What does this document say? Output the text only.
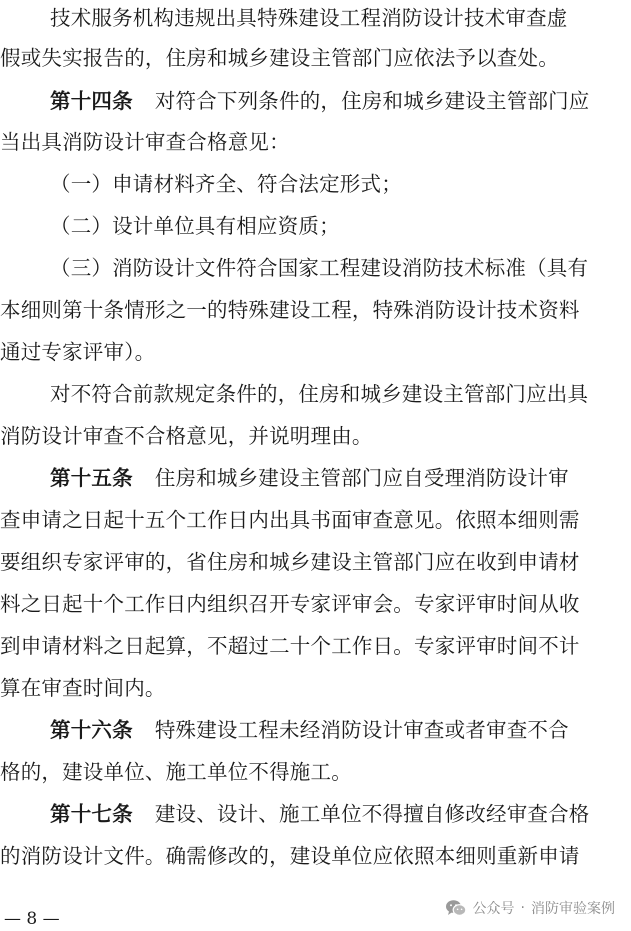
技术服务机构违规出具特殊建设工程消防设计技术审查虚
假或失实报告的，住房和城乡建设主管部门应依法予以查处。
第十四条 对符合下列条件的，住房和城乡建设主管部门应
当出具消防设计审查合格意见：
（一）申请材料齐全、符合法定形式；
（二）设计单位具有相应资质；
（三）消防设计文件符合国家工程建设消防技术标准（具有
本细则第十条情形之一的特殊建设工程，特殊消防设计技术资料
通过专家评审）。
对不符合前款规定条件的，住房和城乡建设主管部门应出具
消防设计审查不合格意见，并说明理由。
第十五条 住房和城乡建设主管部门应自受理消防设计审
查申请之日起十五个工作日内出具书面审查意见。依照本细则需
要组织专家评审的，省住房和城乡建设主管部门应在收到申请材
料之日起十个工作日内组织召开专家评审会。专家评审时间从收
到申请材料之日起算，不超过二十个工作日。专家评审时间不计
算在审查时间内。
第十六条 特殊建设工程未经消防设计审查或者审查不合
格的，建设单位、施工单位不得施工。
第十七条 建设、设计、施工单位不得擅自修改经审查合格
的消防设计文件。确需修改的，建设单位应依照本细则重新申请
— 8 —	公众号 · 消防审验案例
